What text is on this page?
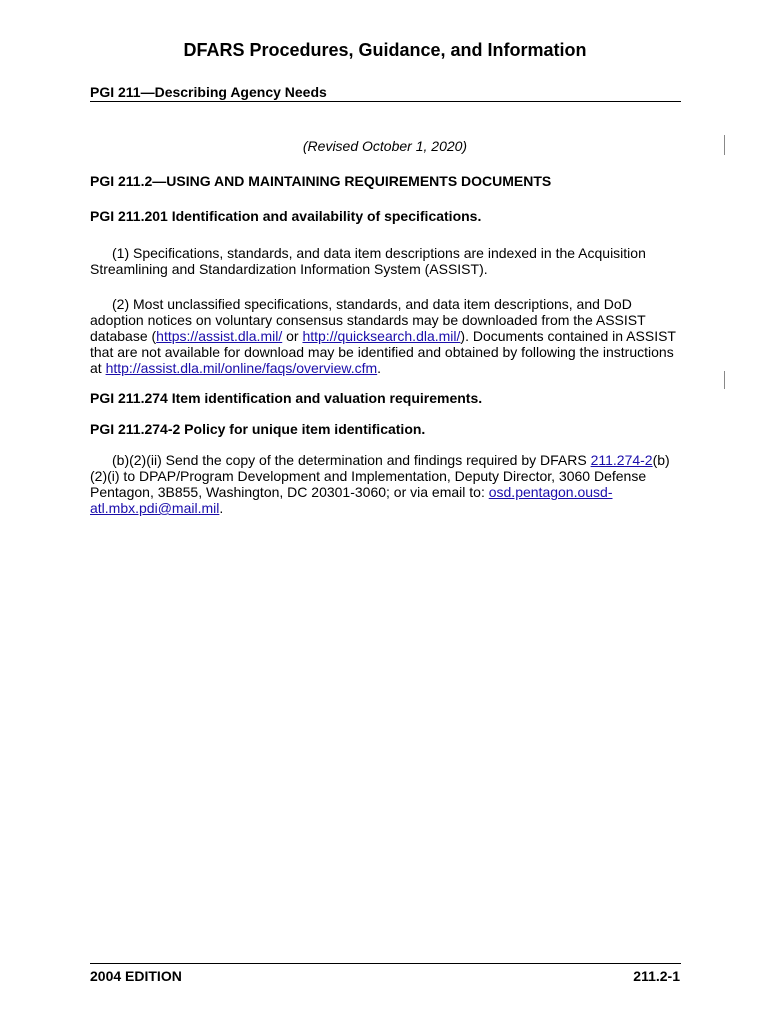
DFARS Procedures, Guidance, and Information
PGI 211—Describing Agency Needs
(Revised October 1, 2020)
PGI 211.2—USING AND MAINTAINING REQUIREMENTS DOCUMENTS
PGI 211.201 Identification and availability of specifications.

(1) Specifications, standards, and data item descriptions are indexed in the Acquisition Streamlining and Standardization Information System (ASSIST).

(2) Most unclassified specifications, standards, and data item descriptions, and DoD adoption notices on voluntary consensus standards may be downloaded from the ASSIST database (https://assist.dla.mil/ or http://quicksearch.dla.mil/). Documents contained in ASSIST that are not available for download may be identified and obtained by following the instructions at http://assist.dla.mil/online/faqs/overview.cfm.

PGI 211.274 Item identification and valuation requirements.
PGI 211.274-2 Policy for unique item identification.

(b)(2)(ii) Send the copy of the determination and findings required by DFARS 211.274-2(b)(2)(i) to DPAP/Program Development and Implementation, Deputy Director, 3060 Defense Pentagon, 3B855, Washington, DC 20301-3060; or via email to: osd.pentagon.ousd-atl.mbx.pdi@mail.mil.

2004 EDITION	211.2-1
